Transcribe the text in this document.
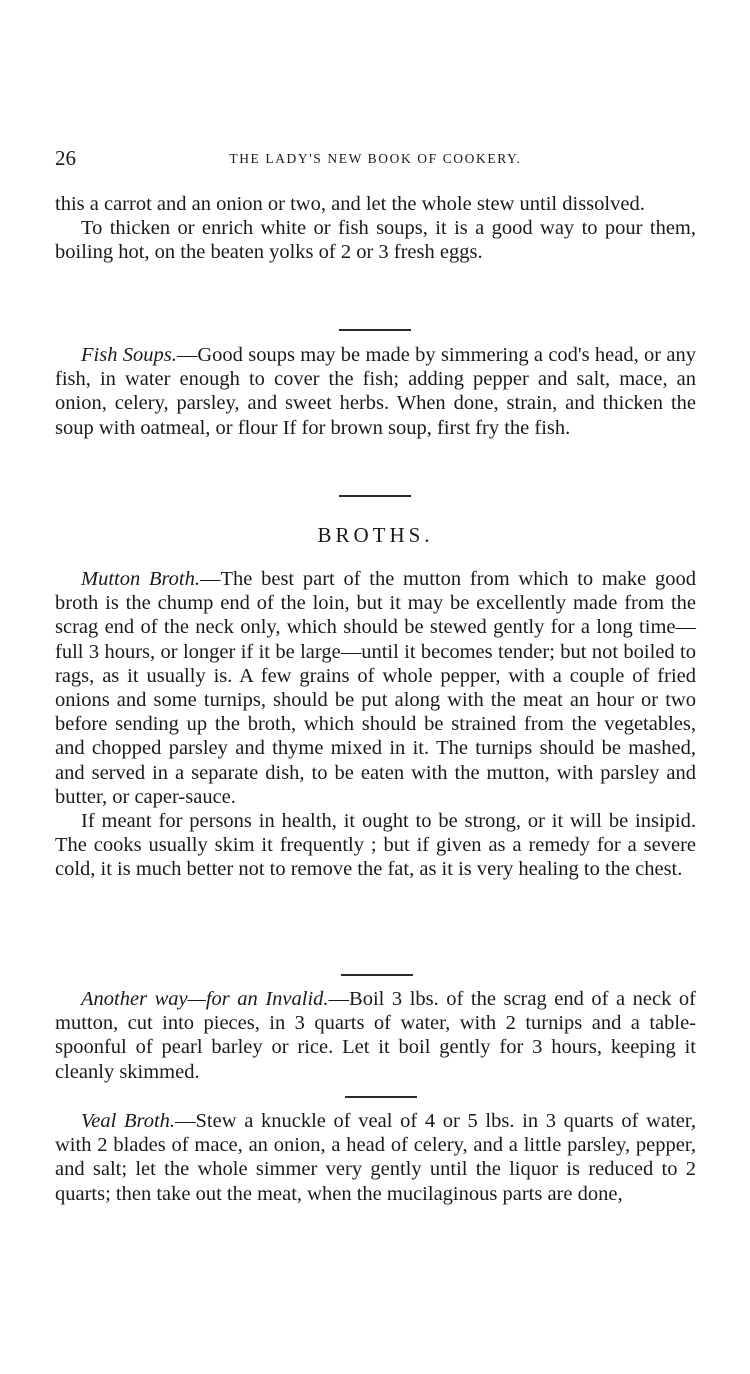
26	THE LADY'S NEW BOOK OF COOKERY.

this a carrot and an onion or two, and let the whole stew until dissolved.

To thicken or enrich white or fish soups, it is a good way to pour them, boiling hot, on the beaten yolks of 2 or 3 fresh eggs.

Fish Soups.—Good soups may be made by simmering a cod's head, or any fish, in water enough to cover the fish; adding pepper and salt, mace, an onion, celery, parsley, and sweet herbs. When done, strain, and thicken the soup with oatmeal, or flour If for brown soup, first fry the fish.

BROTHS.

Mutton Broth.—The best part of the mutton from which to make good broth is the chump end of the loin, but it may be excellently made from the scrag end of the neck only, which should be stewed gently for a long time—full 3 hours, or longer if it be large—until it becomes tender; but not boiled to rags, as it usually is. A few grains of whole pepper, with a couple of fried onions and some turnips, should be put along with the meat an hour or two before sending up the broth, which should be strained from the vegetables, and chopped parsley and thyme mixed in it. The turnips should be mashed, and served in a separate dish, to be eaten with the mutton, with parsley and butter, or caper-sauce.

If meant for persons in health, it ought to be strong, or it will be insipid. The cooks usually skim it frequently ; but if given as a remedy for a severe cold, it is much better not to remove the fat, as it is very healing to the chest.

Another way—for an Invalid.—Boil 3 lbs. of the scrag end of a neck of mutton, cut into pieces, in 3 quarts of water, with 2 turnips and a table-spoonful of pearl barley or rice. Let it boil gently for 3 hours, keeping it cleanly skimmed.

Veal Broth.—Stew a knuckle of veal of 4 or 5 lbs. in 3 quarts of water, with 2 blades of mace, an onion, a head of celery, and a little parsley, pepper, and salt; let the whole simmer very gently until the liquor is reduced to 2 quarts; then take out the meat, when the mucilaginous parts are done,
